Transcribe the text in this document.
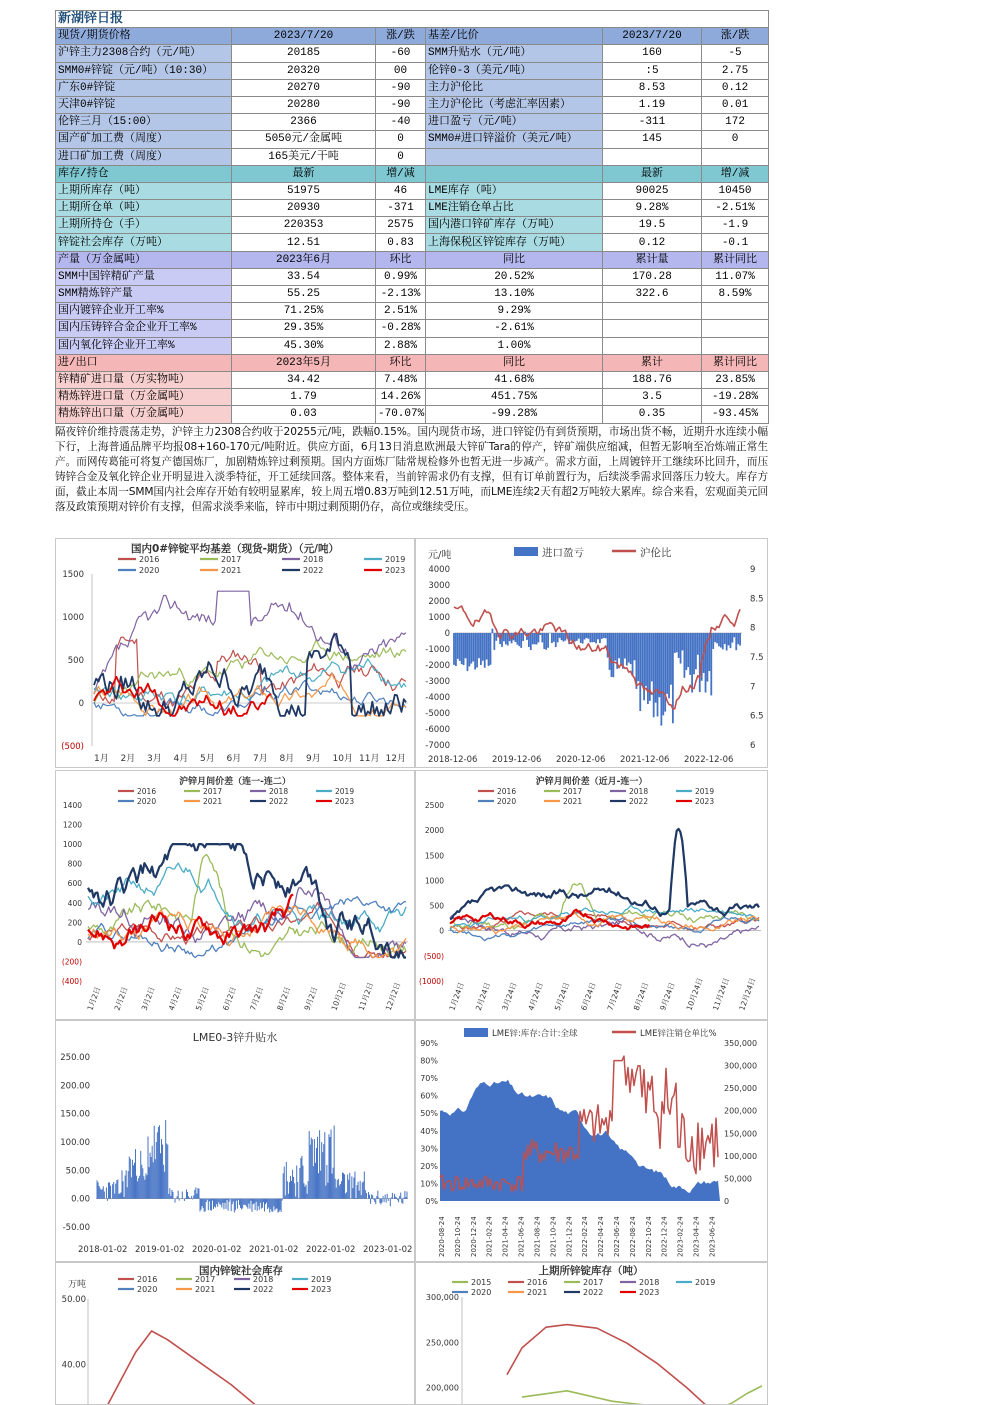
新湖锌日报					
现货/期货价格	2023/7/20	涨/跌	基差/比价	2023/7/20	涨/跌
沪锌主力2308合约（元/吨）	20185	-60	SMM升贴水（元/吨）	160	-5
SMM0#锌锭（元/吨）（10:30）	20320	00	伦锌0-3（美元/吨）	:5	2.75
广东0#锌锭	20270	-90	主力沪伦比	8.53	0.12
天津0#锌锭	20280	-90	主力沪伦比（考虑汇率因素）	1.19	0.01
伦锌三月（15:00）	2366	-40	进口盈亏（元/吨）	-311	172
国产矿加工费（周度）	5050元/金属吨	0	SMM0#进口锌溢价（美元/吨）	145	0
进口矿加工费（周度）	165美元/干吨	0			
库存/持仓	最新	增/减		最新	增/减
上期所库存（吨）	51975	46	LME库存（吨）	90025	10450
上期所仓单（吨）	20930	-371	LME注销仓单占比	9.28%	-2.51%
上期所持仓（手）	220353	2575	国内港口锌矿库存（万吨）	19.5	-1.9
锌锭社会库存（万吨）	12.51	0.83	上海保税区锌锭库存（万吨）	0.12	-0.1
产量（万金属吨）	2023年6月	环比	同比	累计量	累计同比
SMM中国锌精矿产量	33.54	0.99%	20.52%	170.28	11.07%
SMM精炼锌产量	55.25	-2.13%	13.10%	322.6	8.59%
国内镀锌企业开工率%	71.25%	2.51%	9.29%		
国内压铸锌合金企业开工率%	29.35%	-0.28%	-2.61%		
国内氧化锌企业开工率%	45.30%	2.88%	1.00%		
进/出口	2023年5月	环比	同比	累计	累计同比
锌精矿进口量（万实物吨）	34.42	7.48%	41.68%	188.76	23.85%
精炼锌进口量（万金属吨）	1.79	14.26%	451.75%	3.5	-19.28%
精炼锌出口量（万金属吨）	0.03	-70.07%	-99.28%	0.35	-93.45%
隔夜锌价维持震荡走势，沪锌主力2308合约收于20255元/吨，跌幅0.15%。国内现货市场，进口锌锭仍有到货预期，市场出货不畅，近期升水连续小幅下行，上海普通品牌平均报08+160-170元/吨附近。供应方面，6月13日消息欧洲最大锌矿Tara的停产，锌矿端供应缩减，但暂无影响至冶炼端正常生产。而网传葛能可将复产德国炼厂，加剧精炼锌过剩预期。国内方面炼厂陆常规检修外也暂无进一步减产。需求方面，上周镀锌开工继续环比回升，而压铸锌合金及氧化锌企业开明显进入淡季特征，开工延续回落。整体来看，当前锌需求仍有支撑，但有订单前置行为，后续淡季需求回落压力较大。库存方面，截止本周一SMM国内社会库存开始有较明显累库，较上周五增0.83万吨到12.51万吨，而LME连续2天有超2万吨较大累库。综合来看，宏观面美元回落及政策预期对锌价有支撑，但需求淡季来临，锌市中期过剩预期仍存，高位或继续受压。
国内0#锌锭平均基差（现货-期货）（元/吨）
2016	2017	2018	2019
2020	2021	2022	2023
1500
1000
500
0
(500)
1月 2月 3月 4月 5月 6月 7月 8月 9月 10月 11月 12月
元/吨	进口盈亏	沪伦比
4000
3000
2000
1000
0
-1000
-2000
-3000
-4000
-5000
-6000
-7000
9
8.5
8
7.5
7
6.5
6
2018-12-06 2019-12-06 2020-12-06 2021-12-06 2022-12-06
沪锌月间价差（连一-连二）
2016	2017	2018	2019
2020	2021	2022	2023
1400
1200
1000
800
600
400
200
0
(200)
(400)
1月2日 2月2日 3月2日 4月2日 5月2日 6月2日 7月2日 8月2日 9月2日 10月2日 11月2日 12月2日
沪锌月间价差（近月-连一）
2016	2017	2018	2019
2020	2021	2022	2023
2500
2000
1500
1000
500
0
(500)
(1000) 1月24日 2月24日 3月24日 4月24日 5月24日 6月24日 7月24日 8月24日 9月24日 10月24日 11月24日 12月24日
LME0-3锌升贴水
250.00
200.00
150.00
100.00
50.00
0.00
-50.00
2018-01-02 2019-01-02 2020-01-02 2021-01-02 2022-01-02 2023-01-02
LME锌:库存:合计:全球	LME锌注销仓单比%
90%
80%
70%
60%
50%
40%
30%
20%
10%
0%
350,000
300,000
250,000
200,000
150,000
100,000
50,000
0
2020-08-24 2020-10-24 2020-12-24 2021-02-24 2021-04-24 2021-06-24 2021-08-24 2021-10-24 2021-12-24 2022-02-24 2022-04-24 2022-06-24 2022-08-24 2022-10-24 2022-12-24 2023-02-24 2023-04-24 2023-06-24
国内锌锭社会库存
万吨
2016	2017	2018	2019
2020	2021	2022	2023
50.00
40.00
上期所锌锭库存（吨）
2015	2016	2017	2018	2019
2020	2021	2022	2023
300,000
250,000
200,000
